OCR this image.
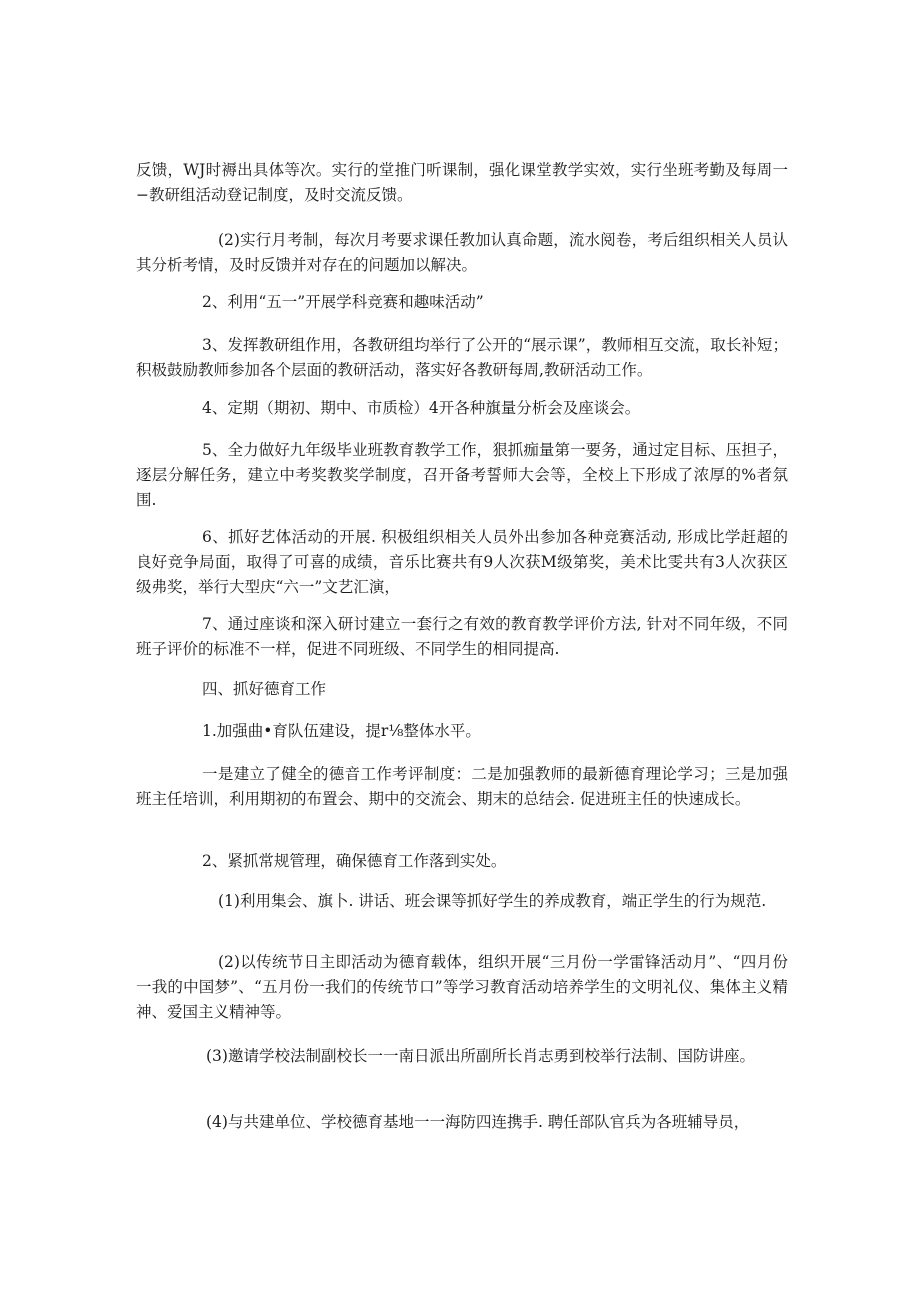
反馈，WJ时褥出具体等次。实行的堂推门听课制，强化课堂教学实效，实行坐班考勤及每周一−教研组活动登记制度，及时交流反馈。

(2)实行月考制，每次月考要求课任教加认真命题，流水阅卷，考后组织相关人员认其分析考情，及时反馈并对存在的问题加以解决。

2、利用“五一”开展学科竞赛和趣味活动”

3、发挥教研组作用，各教研组均举行了公开的“展示课”，教师相互交流，取长补短；积极鼓励教师参加各个层面的教研活动，落实好各教研每周,教研活动工作。

4、定期（期初、期中、市质检）4开各种旗量分析会及座谈会。

5、全力做好九年级毕业班教育教学工作，狠抓痂量第一要务，通过定目标、压担子，逐层分解任务，建立中考奖教奖学制度，召开备考誓师大会等，全校上下形成了浓厚的%者氛围.

6、抓好艺体活动的开展. 积极组织相关人员外出参加各种竞赛活动, 形成比学赶超的良好竞争局面，取得了可喜的成绩，音乐比赛共有9人次获M级第奖，美术比雯共有3人次获区级弗奖，举行大型庆“六一”文艺汇演，

7、通过座谈和深入研讨建立一套行之有效的教育教学评价方法, 针对不同年级，不同班子评价的标准不一样，促进不同班级、不同学生的相同提高.

四、抓好德育工作

1.加强曲•育队伍建设，提r⅛整体水平。

一是建立了健全的德音工作考评制度：二是加强教师的最新德育理论学习；三是加强班主任培训，利用期初的布置会、期中的交流会、期末的总结会. 促进班主任的快速成长。

2、紧抓常规管理，确保德育工作落到实处。

(1)利用集会、旗卜. 讲话、班会课等抓好学生的养成教育，端正学生的行为规范.

(2)以传统节日主即活动为德育载体，组织开展“三月份一学雷锋活动月”、“四月份一我的中国梦”、“五月份一我们的传统节口”等学习教育活动培养学生的文明礼仪、集体主义精神、爱国主义精神等。

(3)邀请学校法制副校长一一南日派出所副所长肖志勇到校举行法制、国防讲座。

(4)与共建单位、学校德育基地一一海防四连携手. 聘任部队官兵为各班辅导员，
